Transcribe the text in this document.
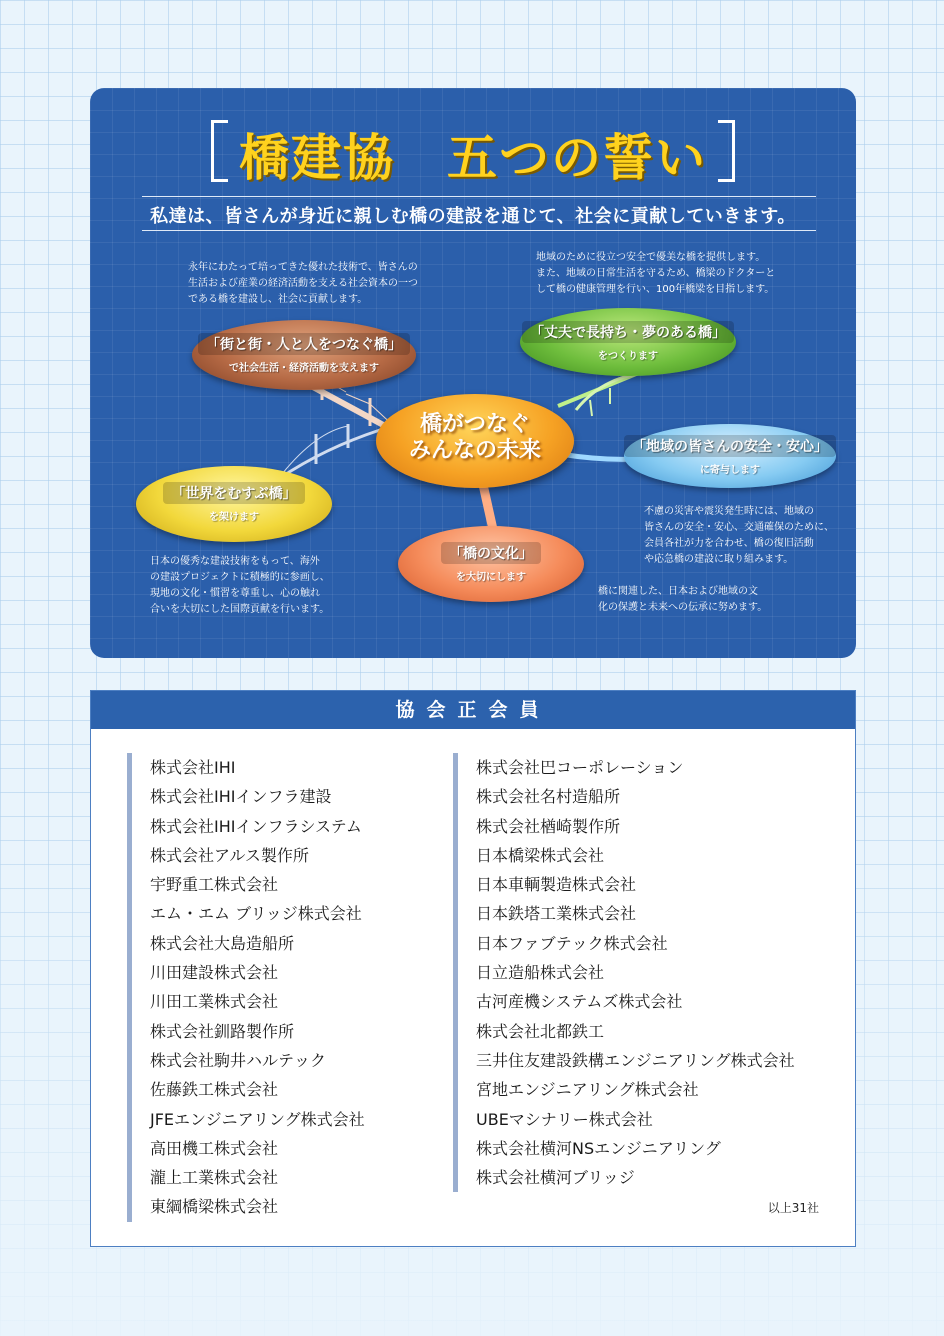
橋建協　五つの誓い
私達は、皆さんが身近に親しむ橋の建設を通じて、社会に貢献していきます。
永年にわたって培ってきた優れた技術で、皆さんの
生活および産業の経済活動を支える社会資本の一つ
である橋を建設し、社会に貢献します。
地域のために役立つ安全で優美な橋を提供します。
また、地域の日常生活を守るため、橋梁のドクターと
して橋の健康管理を行い、100年橋梁を目指します。
不慮の災害や震災発生時には、地域の
皆さんの安全・安心、交通確保のために、
会員各社が力を合わせ、橋の復旧活動
や応急橋の建設に取り組みます。
日本の優秀な建設技術をもって、海外
の建設プロジェクトに積極的に参画し、
現地の文化・慣習を尊重し、心の触れ
合いを大切にした国際貢献を行います。
橋に関連した、日本および地域の文
化の保護と未来への伝承に努めます。
「街と街・人と人をつなぐ橋」
で社会生活・経済活動を支えます
「丈夫で長持ち・夢のある橋」
をつくります
「地域の皆さんの安全・安心」
に寄与します
「世界をむすぶ橋」
を架けます
「橋の文化」
を大切にします
橋がつなぐ
みんなの未来
協会正会員
株式会社IHI
株式会社IHIインフラ建設
株式会社IHIインフラシステム
株式会社アルス製作所
宇野重工株式会社
エム・エム ブリッジ株式会社
株式会社大島造船所
川田建設株式会社
川田工業株式会社
株式会社釧路製作所
株式会社駒井ハルテック
佐藤鉄工株式会社
JFEエンジニアリング株式会社
高田機工株式会社
瀧上工業株式会社
東綱橋梁株式会社
株式会社巴コーポレーション
株式会社名村造船所
株式会社楢崎製作所
日本橋梁株式会社
日本車輌製造株式会社
日本鉄塔工業株式会社
日本ファブテック株式会社
日立造船株式会社
古河産機システムズ株式会社
株式会社北都鉄工
三井住友建設鉄構エンジニアリング株式会社
宮地エンジニアリング株式会社
UBEマシナリー株式会社
株式会社横河NSエンジニアリング
株式会社横河ブリッジ
以上31社
